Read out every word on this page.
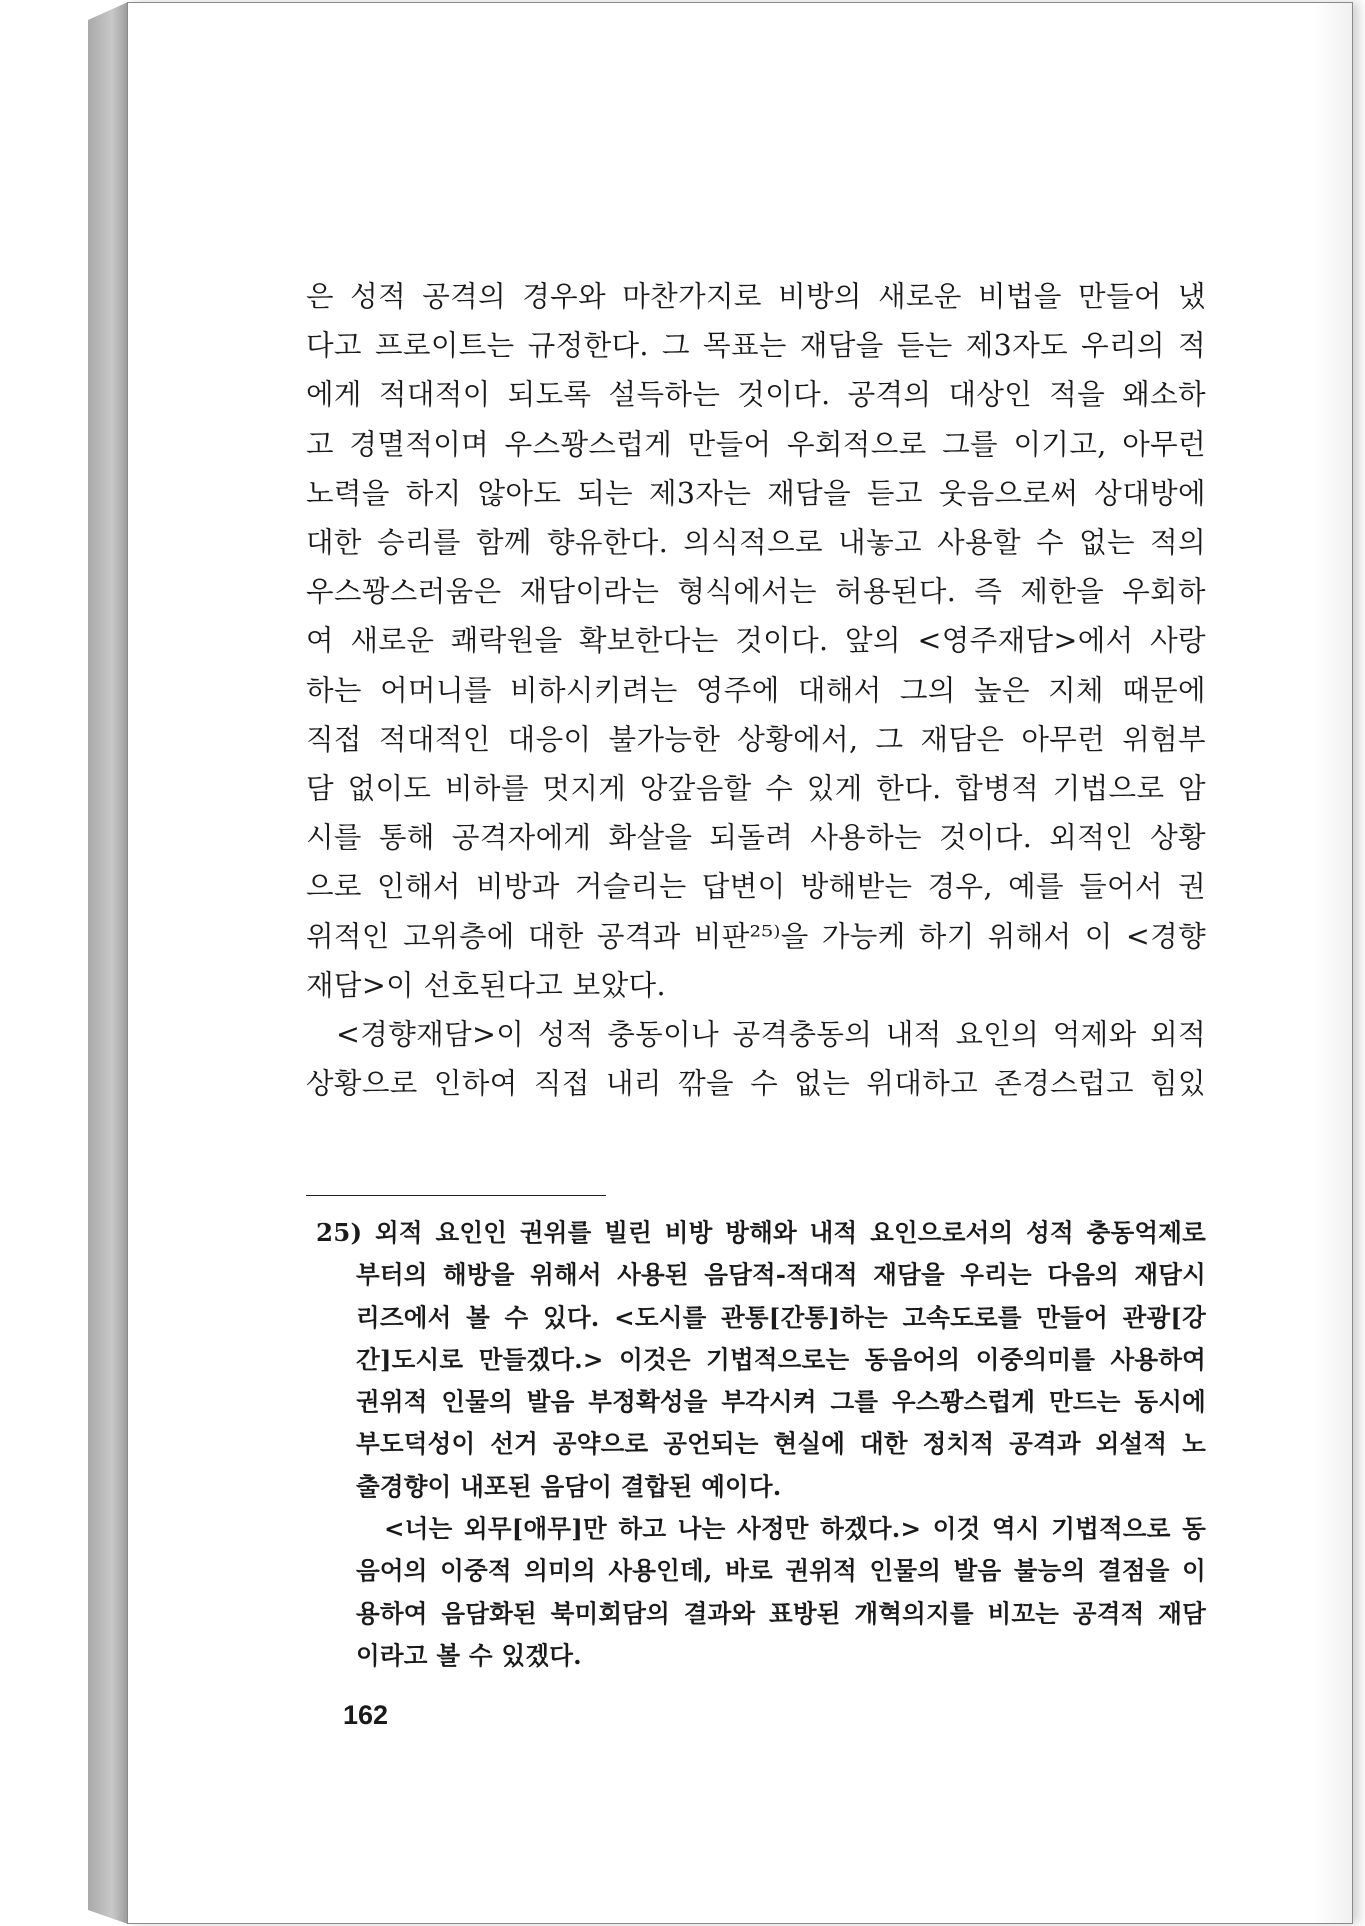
은 성적 공격의 경우와 마찬가지로 비방의 새로운 비법을 만들어 냈
다고 프로이트는 규정한다. 그 목표는 재담을 듣는 제3자도 우리의 적
에게 적대적이 되도록 설득하는 것이다. 공격의 대상인 적을 왜소하
고 경멸적이며 우스꽝스럽게 만들어 우회적으로 그를 이기고, 아무런
노력을 하지 않아도 되는 제3자는 재담을 듣고 웃음으로써 상대방에
대한 승리를 함께 향유한다. 의식적으로 내놓고 사용할 수 없는 적의
우스꽝스러움은 재담이라는 형식에서는 허용된다. 즉 제한을 우회하
여 새로운 쾌락원을 확보한다는 것이다. 앞의 <영주재담>에서 사랑
하는 어머니를 비하시키려는 영주에 대해서 그의 높은 지체 때문에
직접 적대적인 대응이 불가능한 상황에서, 그 재담은 아무런 위험부
담 없이도 비하를 멋지게 앙갚음할 수 있게 한다. 합병적 기법으로 암
시를 통해 공격자에게 화살을 되돌려 사용하는 것이다. 외적인 상황
으로 인해서 비방과 거슬리는 답변이 방해받는 경우, 예를 들어서 권
위적인 고위층에 대한 공격과 비판²⁵⁾을 가능케 하기 위해서 이 <경향
재담>이 선호된다고 보았다.
<경향재담>이 성적 충동이나 공격충동의 내적 요인의 억제와 외적
상황으로 인하여 직접 내리 깎을 수 없는 위대하고 존경스럽고 힘있
25) 외적 요인인 권위를 빌린 비방 방해와 내적 요인으로서의 성적 충동억제로
부터의 해방을 위해서 사용된 음담적-적대적 재담을 우리는 다음의 재담시
리즈에서 볼 수 있다. <도시를 관통[간통]하는 고속도로를 만들어 관광[강
간]도시로 만들겠다.> 이것은 기법적으로는 동음어의 이중의미를 사용하여
권위적 인물의 발음 부정확성을 부각시켜 그를 우스꽝스럽게 만드는 동시에
부도덕성이 선거 공약으로 공언되는 현실에 대한 정치적 공격과 외설적 노
출경향이 내포된 음담이 결합된 예이다.
<너는 외무[애무]만 하고 나는 사정만 하겠다.> 이것 역시 기법적으로 동
음어의 이중적 의미의 사용인데, 바로 권위적 인물의 발음 불능의 결점을 이
용하여 음담화된 북미회담의 결과와 표방된 개혁의지를 비꼬는 공격적 재담
이라고 볼 수 있겠다.
162
